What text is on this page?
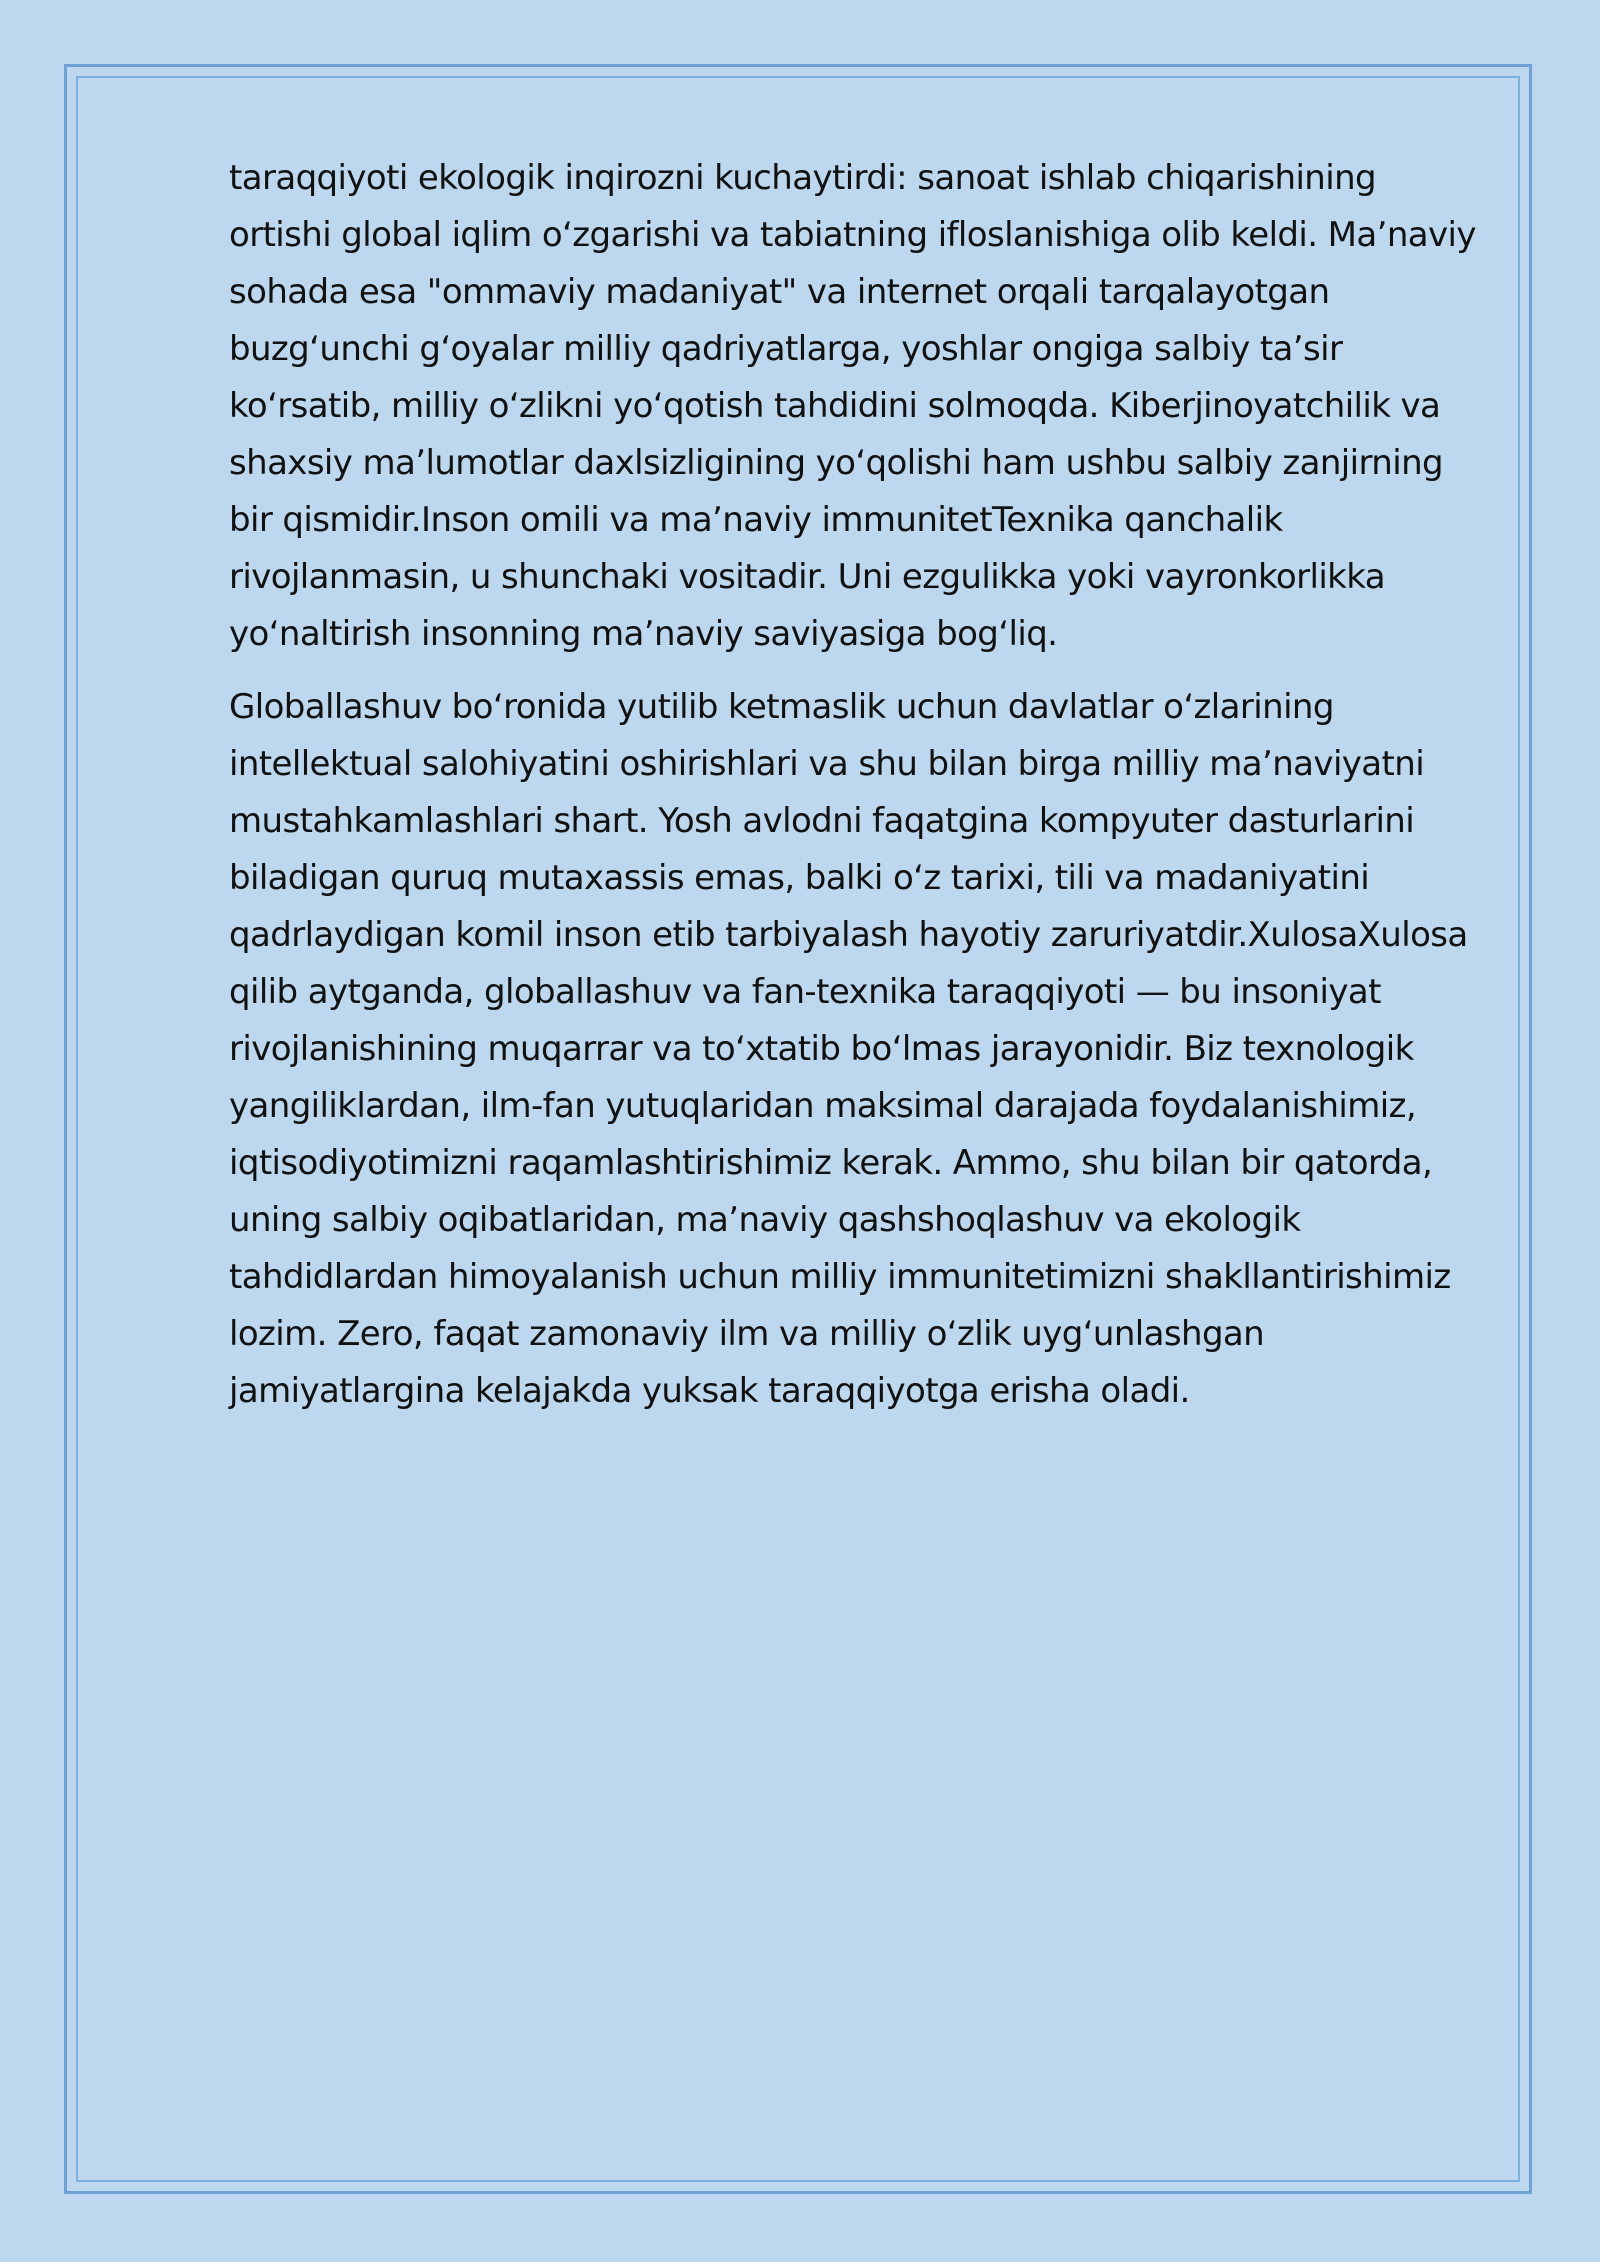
taraqqiyoti ekologik inqirozni kuchaytirdi: sanoat ishlab chiqarishining ortishi global iqlim oʻzgarishi va tabiatning ifloslanishiga olib keldi. Maʼnaviy sohada esa "ommaviy madaniyat" va internet orqali tarqalayotgan buzgʻunchi gʻoyalar milliy qadriyatlarga, yoshlar ongiga salbiy taʼsir koʻrsatib, milliy oʻzlikni yoʻqotish tahdidini solmoqda. Kiberjinoyatchilik va shaxsiy maʼlumotlar daxlsizligining yoʻqolishi ham ushbu salbiy zanjirning bir qismidir.Inson omili va maʼnaviy immunitetTexnika qanchalik rivojlanmasin, u shunchaki vositadir. Uni ezgulikka yoki vayronkorlikka yoʻnaltirish insonning maʼnaviy saviyasiga bogʻliq.

Globallashuv boʻronida yutilib ketmaslik uchun davlatlar oʻzlarining intellektual salohiyatini oshirishlari va shu bilan birga milliy maʼnaviyatni mustahkamlashlari shart. Yosh avlodni faqatgina kompyuter dasturlarini biladigan quruq mutaxassis emas, balki oʻz tarixi, tili va madaniyatini qadrlaydigan komil inson etib tarbiyalash hayotiy zaruriyatdir.XulosaXulosa qilib aytganda, globallashuv va fan-texnika taraqqiyoti — bu insoniyat rivojlanishining muqarrar va toʻxtatib boʻlmas jarayonidir. Biz texnologik yangiliklardan, ilm-fan yutuqlaridan maksimal darajada foydalanishimiz, iqtisodiyotimizni raqamlashtirishimiz kerak. Ammo, shu bilan bir qatorda, uning salbiy oqibatlaridan, maʼnaviy qashshoqlashuv va ekologik tahdidlardan himoyalanish uchun milliy immunitetimizni shakllantirishimiz lozim. Zero, faqat zamonaviy ilm va milliy oʻzlik uygʻunlashgan jamiyatlargina kelajakda yuksak taraqqiyotga erisha oladi.
